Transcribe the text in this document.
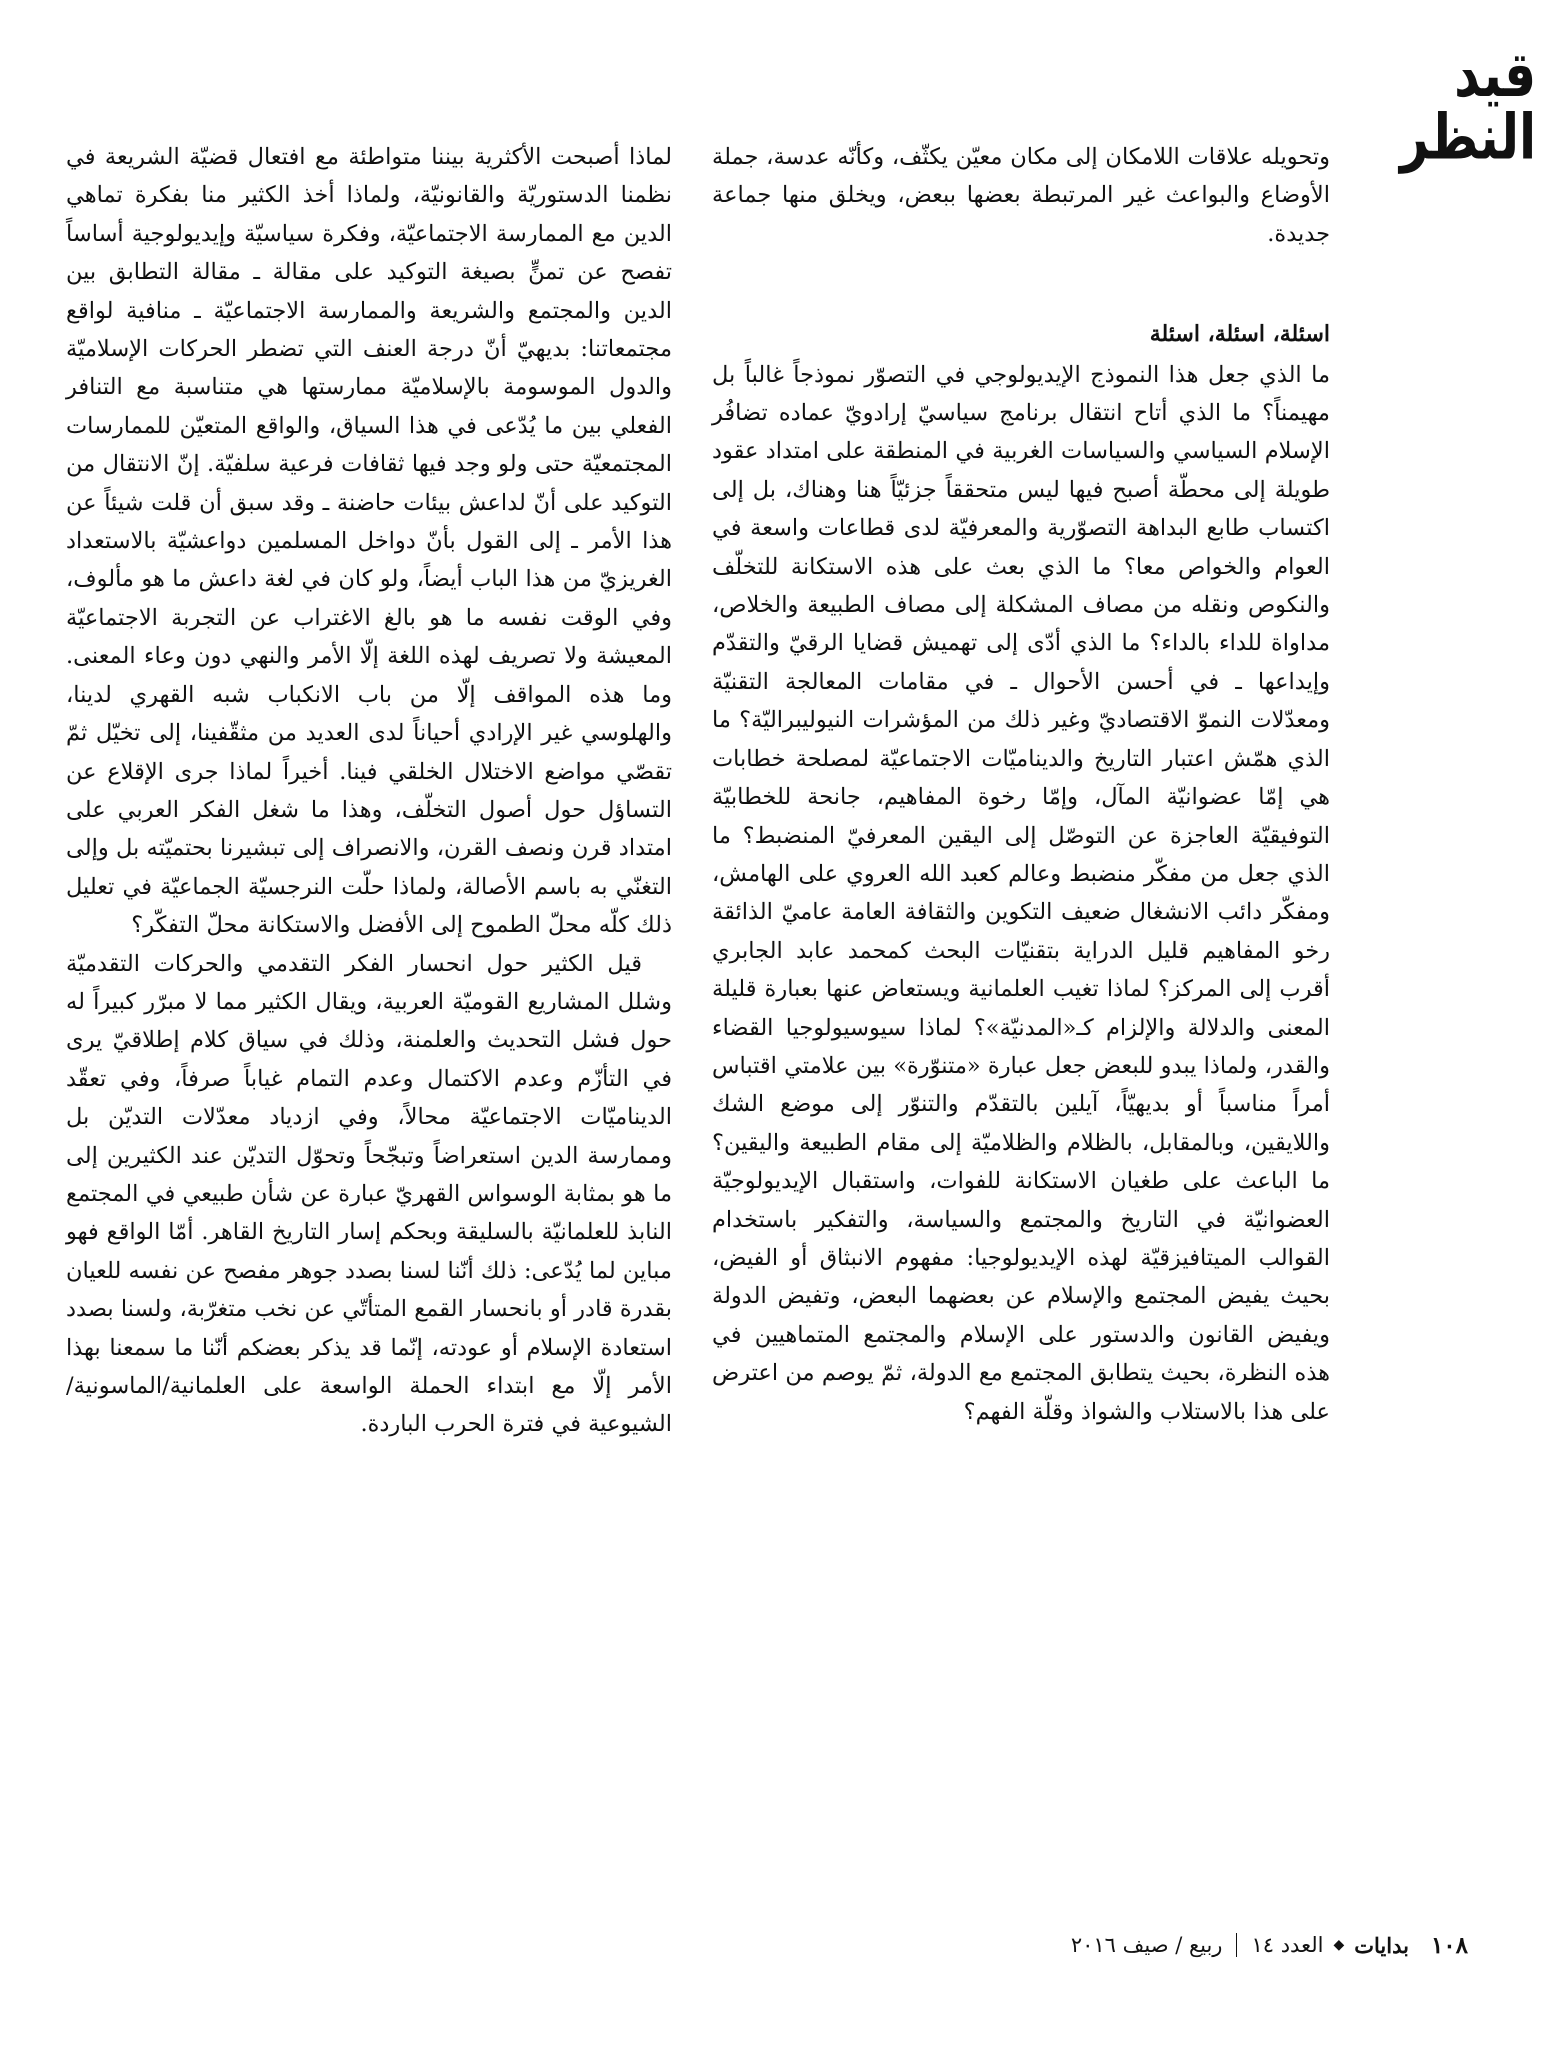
قيد النظر

وتحويله علاقات اللامكان إلى مكان معيّن يكثّف، وكأنّه عدسة، جملة الأوضاع والبواعث غير المرتبطة بعضها ببعض، ويخلق منها جماعة جديدة.

اسئلة، اسئلة، اسئلة

ما الذي جعل هذا النموذج الإيديولوجي في التصوّر نموذجاً غالباً بل مهيمناً؟ ما الذي أتاح انتقال برنامج سياسيّ إرادويّ عماده تضافُر الإسلام السياسي والسياسات الغربية في المنطقة على امتداد عقود طويلة إلى محطّة أصبح فيها ليس متحققاً جزئيّاً هنا وهناك، بل إلى اكتساب طابع البداهة التصوّرية والمعرفيّة لدى قطاعات واسعة في العوام والخواص معا؟ ما الذي بعث على هذه الاستكانة للتخلّف والنكوص ونقله من مصاف المشكلة إلى مصاف الطبيعة والخلاص، مداواة للداء بالداء؟ ما الذي أدّى إلى تهميش قضايا الرقيّ والتقدّم وإيداعها ـ في أحسن الأحوال ـ في مقامات المعالجة التقنيّة ومعدّلات النموّ الاقتصاديّ وغير ذلك من المؤشرات النيوليبراليّة؟ ما الذي همّش اعتبار التاريخ والديناميّات الاجتماعيّة لمصلحة خطابات هي إمّا عضوانيّة المآل، وإمّا رخوة المفاهيم، جانحة للخطابيّة التوفيقيّة العاجزة عن التوصّل إلى اليقين المعرفيّ المنضبط؟ ما الذي جعل من مفكّر منضبط وعالم كعبد الله العروي على الهامش، ومفكّر دائب الانشغال ضعيف التكوين والثقافة العامة عاميّ الذائقة رخو المفاهيم قليل الدراية بتقنيّات البحث كمحمد عابد الجابري أقرب إلى المركز؟ لماذا تغيب العلمانية ويستعاض عنها بعبارة قليلة المعنى والدلالة والإلزام كـ«المدنيّة»؟ لماذا سيوسيولوجيا القضاء والقدر، ولماذا يبدو للبعض جعل عبارة «متنوّرة» بين علامتي اقتباس أمراً مناسباً أو بديهيّاً، آيلين بالتقدّم والتنوّر إلى موضع الشك واللايقين، وبالمقابل، بالظلام والظلاميّة إلى مقام الطبيعة واليقين؟ ما الباعث على طغيان الاستكانة للفوات، واستقبال الإيديولوجيّة العضوانيّة في التاريخ والمجتمع والسياسة، والتفكير باستخدام القوالب الميتافيزقيّة لهذه الإيديولوجيا: مفهوم الانبثاق أو الفيض، بحيث يفيض المجتمع والإسلام عن بعضهما البعض، وتفيض الدولة ويفيض القانون والدستور على الإسلام والمجتمع المتماهيين في هذه النظرة، بحيث يتطابق المجتمع مع الدولة، ثمّ يوصم من اعترض على هذا بالاستلاب والشواذ وقلّة الفهم؟

لماذا أصبحت الأكثرية بيننا متواطئة مع افتعال قضيّة الشريعة في نظمنا الدستوريّة والقانونيّة، ولماذا أخذ الكثير منا بفكرة تماهي الدين مع الممارسة الاجتماعيّة، وفكرة سياسيّة وإيديولوجية أساساً تفصح عن تمنٍّ بصيغة التوكيد على مقالة ـ مقالة التطابق بين الدين والمجتمع والشريعة والممارسة الاجتماعيّة ـ منافية لواقع مجتمعاتنا: بديهيّ أنّ درجة العنف التي تضطر الحركات الإسلاميّة والدول الموسومة بالإسلاميّة ممارستها هي متناسبة مع التنافر الفعلي بين ما يُدّعى في هذا السياق، والواقع المتعيّن للممارسات المجتمعيّة حتى ولو وجد فيها ثقافات فرعية سلفيّة. إنّ الانتقال من التوكيد على أنّ لداعش بيئات حاضنة ـ وقد سبق أن قلت شيئاً عن هذا الأمر ـ إلى القول بأنّ دواخل المسلمين دواعشيّة بالاستعداد الغريزيّ من هذا الباب أيضاً، ولو كان في لغة داعش ما هو مألوف، وفي الوقت نفسه ما هو بالغ الاغتراب عن التجربة الاجتماعيّة المعيشة ولا تصريف لهذه اللغة إلّا الأمر والنهي دون وعاء المعنى. وما هذه المواقف إلّا من باب الانكباب شبه القهري لدينا، والهلوسي غير الإرادي أحياناً لدى العديد من مثقّفينا، إلى تخيّل ثمّ تقصّي مواضع الاختلال الخلقي فينا. أخيراً لماذا جرى الإقلاع عن التساؤل حول أصول التخلّف، وهذا ما شغل الفكر العربي على امتداد قرن ونصف القرن، والانصراف إلى تبشيرنا بحتميّته بل وإلى التغنّي به باسم الأصالة، ولماذا حلّت النرجسيّة الجماعيّة في تعليل ذلك كلّه محلّ الطموح إلى الأفضل والاستكانة محلّ التفكّر؟

قيل الكثير حول انحسار الفكر التقدمي والحركات التقدميّة وشلل المشاريع القوميّة العربية، ويقال الكثير مما لا مبرّر كبيراً له حول فشل التحديث والعلمنة، وذلك في سياق كلام إطلاقيّ يرى في التأزّم وعدم الاكتمال وعدم التمام غياباً صرفاً، وفي تعقّد الديناميّات الاجتماعيّة محالاً، وفي ازدياد معدّلات التديّن بل وممارسة الدين استعراضاً وتبجّحاً وتحوّل التديّن عند الكثيرين إلى ما هو بمثابة الوسواس القهريّ عبارة عن شأن طبيعي في المجتمع النابذ للعلمانيّة بالسليقة وبحكم إسار التاريخ القاهر. أمّا الواقع فهو مباين لما يُدّعى: ذلك أنّنا لسنا بصدد جوهر مفصح عن نفسه للعيان بقدرة قادر أو بانحسار القمع المتأتّي عن نخب متغرّبة، ولسنا بصدد استعادة الإسلام أو عودته، إنّما قد يذكر بعضكم أنّنا ما سمعنا بهذا الأمر إلّا مع ابتداء الحملة الواسعة على العلمانية/الماسونية/الشيوعية في فترة الحرب الباردة.

١٠٨
بدايات
◆
العدد ١٤
ربيع / صيف ٢٠١٦
